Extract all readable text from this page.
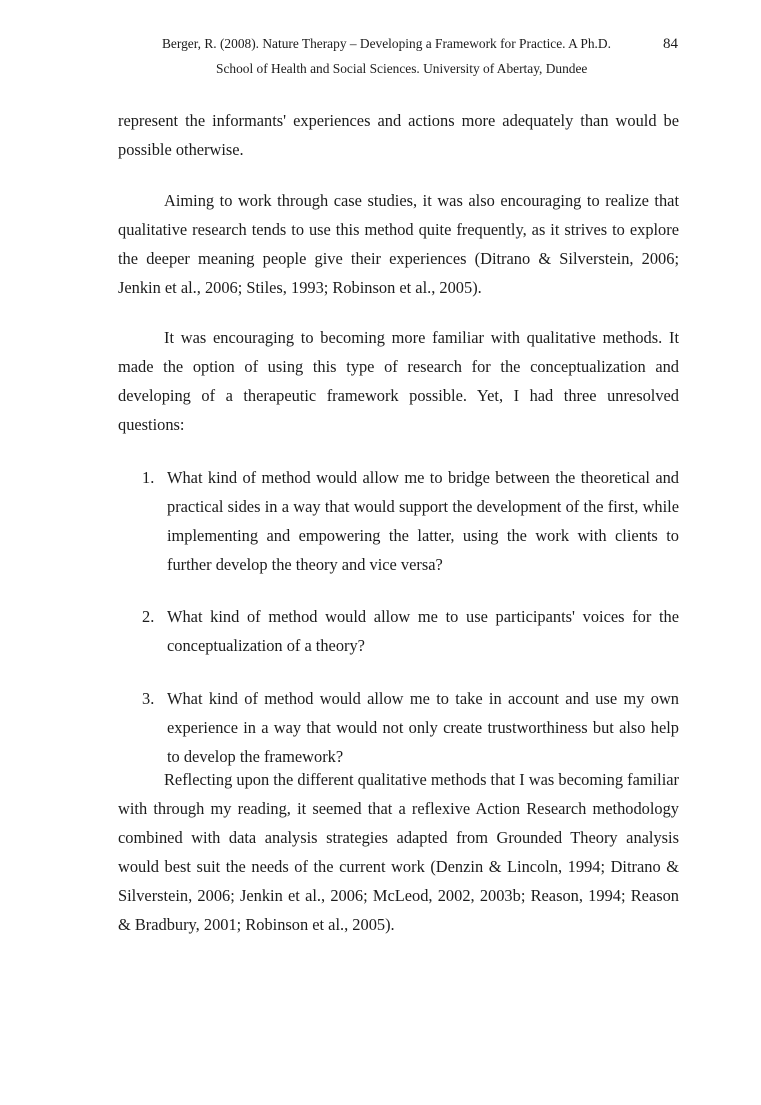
Berger, R. (2008). Nature Therapy – Developing a Framework for Practice. A Ph.D.	84
School of Health and Social Sciences. University of Abertay, Dundee

represent the informants' experiences and actions more adequately than would be possible otherwise.

Aiming to work through case studies, it was also encouraging to realize that qualitative research tends to use this method quite frequently, as it strives to explore the deeper meaning people give their experiences (Ditrano & Silverstein, 2006; Jenkin et al., 2006; Stiles, 1993; Robinson et al., 2005).

It was encouraging to becoming more familiar with qualitative methods. It made the option of using this type of research for the conceptualization and developing of a therapeutic framework possible. Yet, I had three unresolved questions:

1. What kind of method would allow me to bridge between the theoretical and practical sides in a way that would support the development of the first, while implementing and empowering the latter, using the work with clients to further develop the theory and vice versa?

2. What kind of method would allow me to use participants' voices for the conceptualization of a theory?

3. What kind of method would allow me to take in account and use my own experience in a way that would not only create trustworthiness but also help to develop the framework?

Reflecting upon the different qualitative methods that I was becoming familiar with through my reading, it seemed that a reflexive Action Research methodology combined with data analysis strategies adapted from Grounded Theory analysis would best suit the needs of the current work (Denzin & Lincoln, 1994; Ditrano & Silverstein, 2006; Jenkin et al., 2006; McLeod, 2002, 2003b; Reason, 1994; Reason & Bradbury, 2001; Robinson et al., 2005).
